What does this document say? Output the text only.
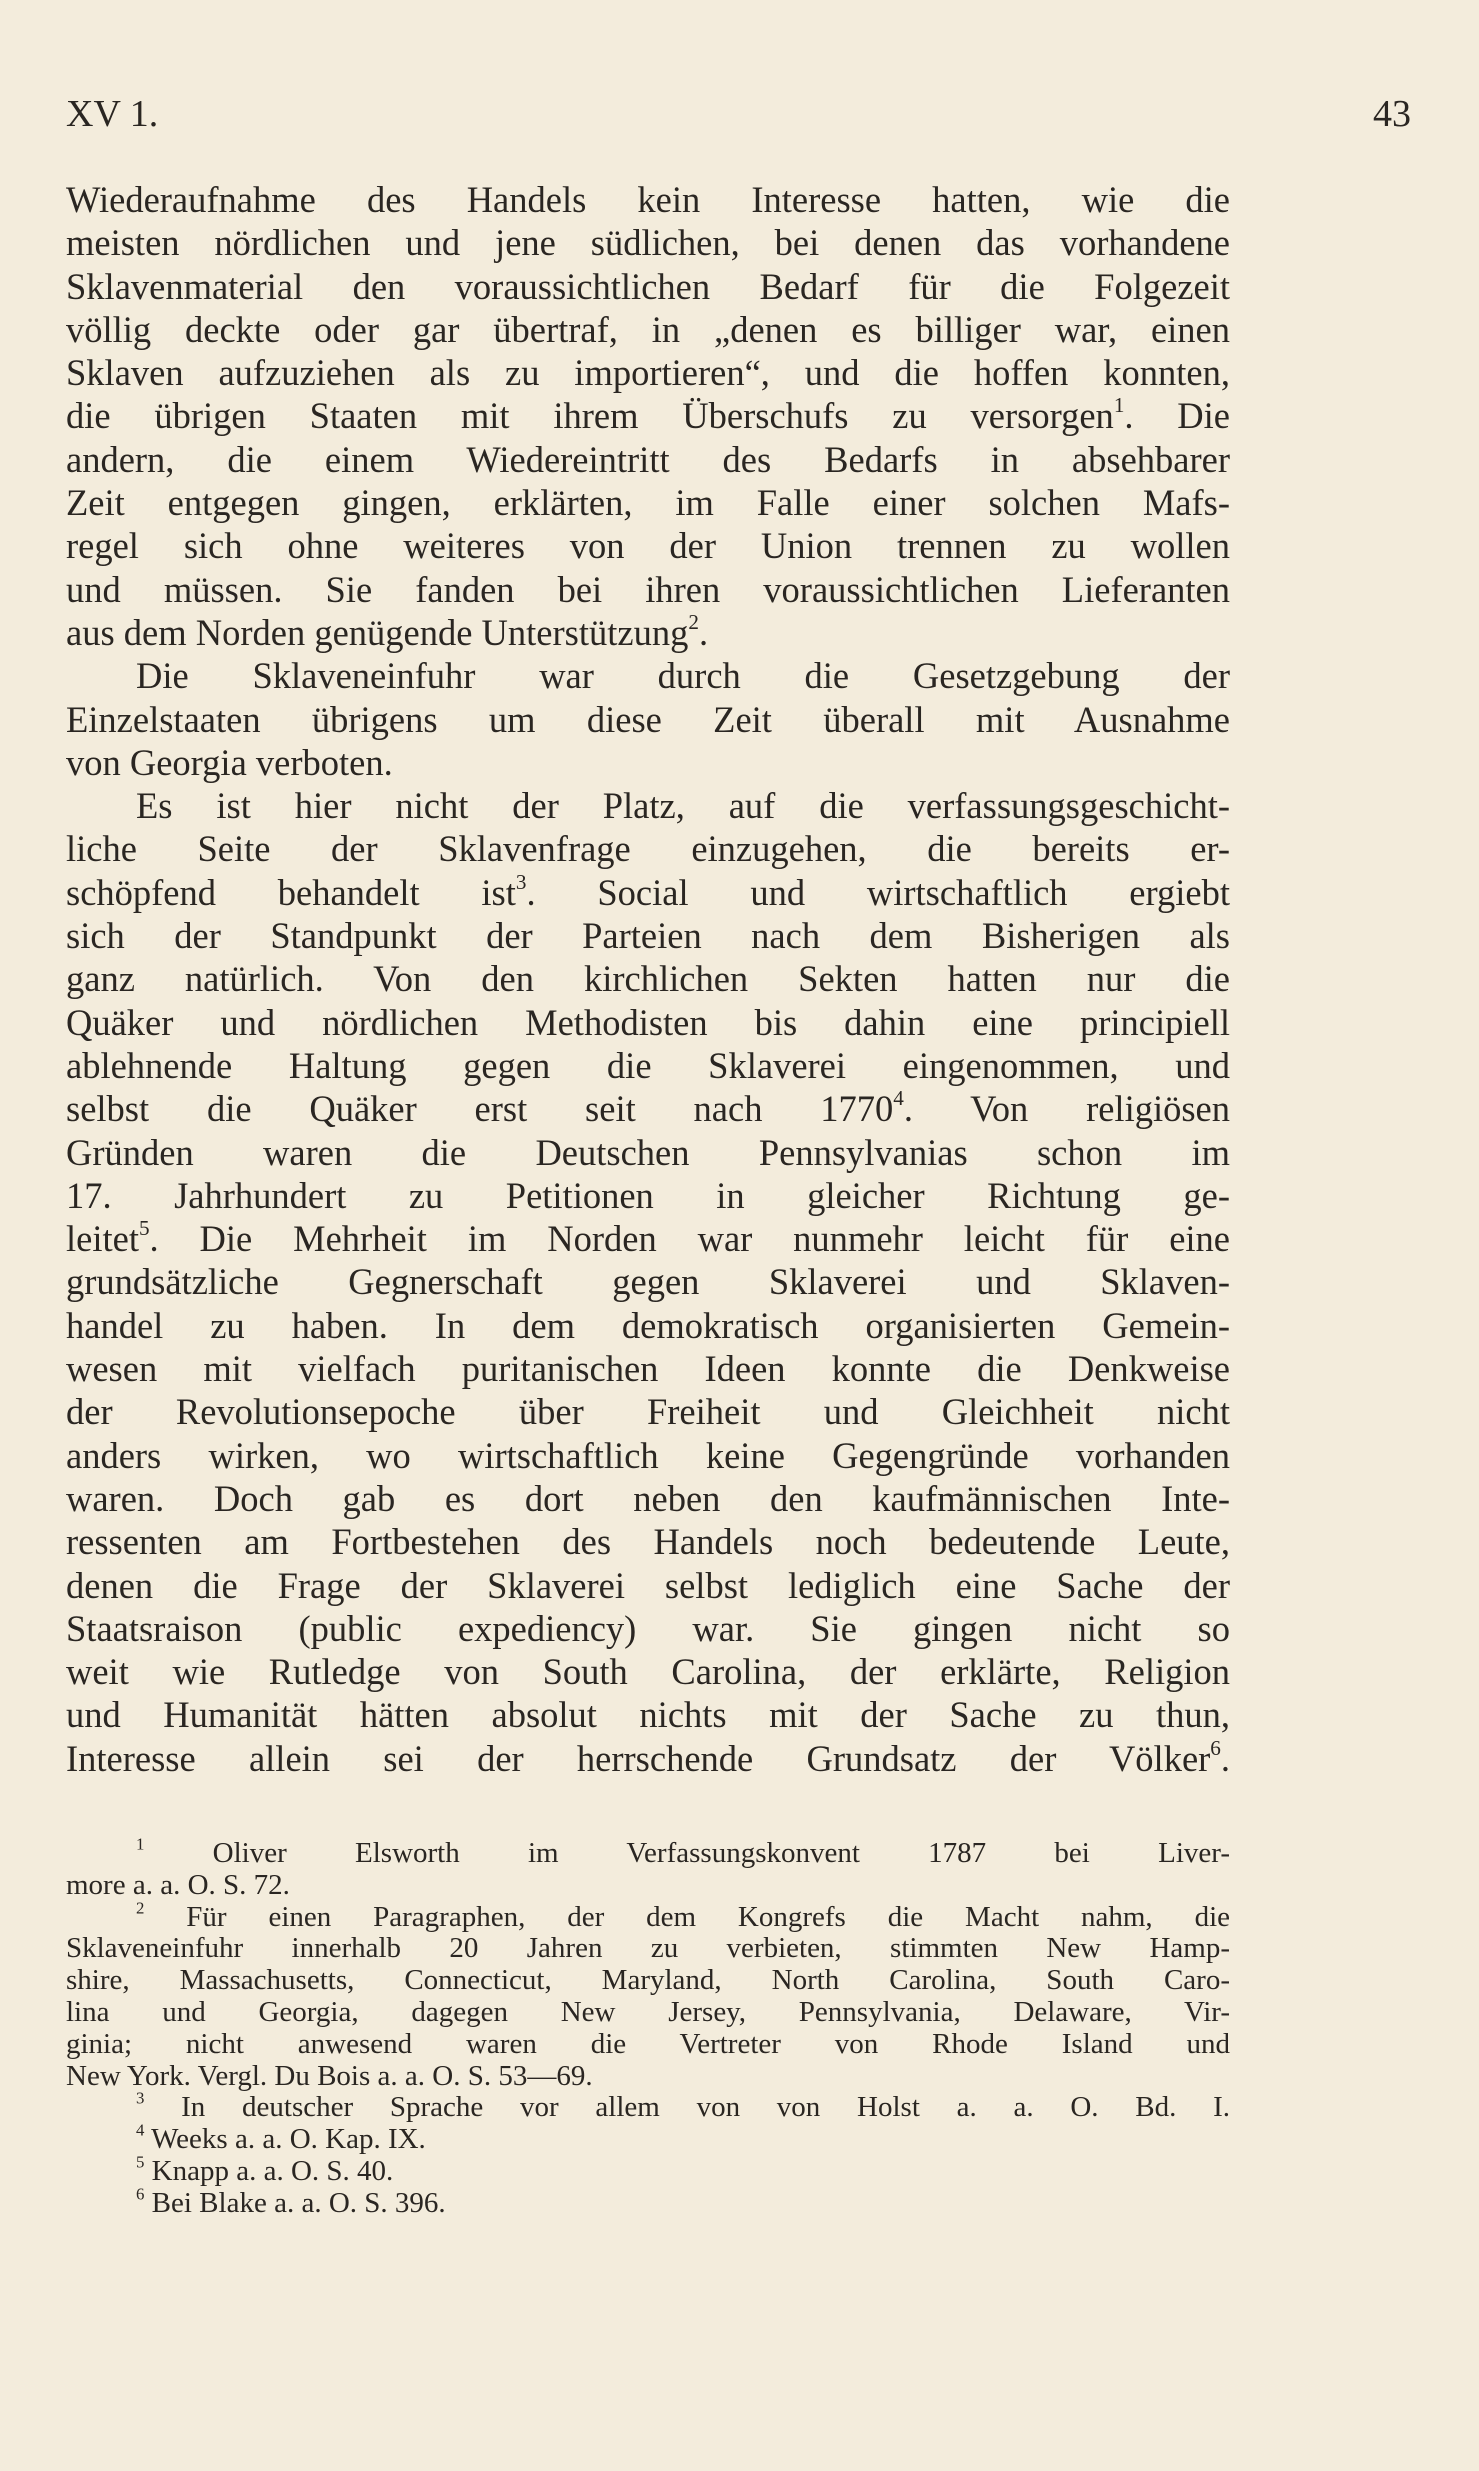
XV 1.	43
Wiederaufnahme des Handels kein Interesse hatten, wie die
meisten nördlichen und jene südlichen, bei denen das vorhandene
Sklavenmaterial den voraussichtlichen Bedarf für die Folgezeit
völlig deckte oder gar übertraf, in „denen es billiger war, einen
Sklaven aufzuziehen als zu importieren“, und die hoffen konnten,
die übrigen Staaten mit ihrem Überschufs zu versorgen$^1$. Die
andern, die einem Wiedereintritt des Bedarfs in absehbarer
Zeit entgegen gingen, erklärten, im Falle einer solchen Mafs-
regel sich ohne weiteres von der Union trennen zu wollen
und müssen. Sie fanden bei ihren voraussichtlichen Lieferanten
aus dem Norden genügende Unterstützung$^2$.
Die Sklaveneinfuhr war durch die Gesetzgebung der
Einzelstaaten übrigens um diese Zeit überall mit Ausnahme
von Georgia verboten.
Es ist hier nicht der Platz, auf die verfassungsgeschicht-
liche Seite der Sklavenfrage einzugehen, die bereits er-
schöpfend behandelt ist$^3$. Social und wirtschaftlich ergiebt
sich der Standpunkt der Parteien nach dem Bisherigen als
ganz natürlich. Von den kirchlichen Sekten hatten nur die
Quäker und nördlichen Methodisten bis dahin eine principiell
ablehnende Haltung gegen die Sklaverei eingenommen, und
selbst die Quäker erst seit nach 1770$^4$. Von religiösen
Gründen waren die Deutschen Pennsylvanias schon im
17. Jahrhundert zu Petitionen in gleicher Richtung ge-
leitet$^5$. Die Mehrheit im Norden war nunmehr leicht für eine
grundsätzliche Gegnerschaft gegen Sklaverei und Sklaven-
handel zu haben. In dem demokratisch organisierten Gemein-
wesen mit vielfach puritanischen Ideen konnte die Denkweise
der Revolutionsepoche über Freiheit und Gleichheit nicht
anders wirken, wo wirtschaftlich keine Gegengründe vorhanden
waren. Doch gab es dort neben den kaufmännischen Inte-
ressenten am Fortbestehen des Handels noch bedeutende Leute,
denen die Frage der Sklaverei selbst lediglich eine Sache der
Staatsraison (public expediency) war. Sie gingen nicht so
weit wie Rutledge von South Carolina, der erklärte, Religion
und Humanität hätten absolut nichts mit der Sache zu thun,
Interesse allein sei der herrschende Grundsatz der Völker$^6$.
$^1$ Oliver Elsworth im Verfassungskonvent 1787 bei Liver-
more a. a. O. S. 72.
$^2$ Für einen Paragraphen, der dem Kongrefs die Macht nahm, die
Sklaveneinfuhr innerhalb 20 Jahren zu verbieten, stimmten New Hamp-
shire, Massachusetts, Connecticut, Maryland, North Carolina, South Caro-
lina und Georgia, dagegen New Jersey, Pennsylvania, Delaware, Vir-
ginia; nicht anwesend waren die Vertreter von Rhode Island und
New York. Vergl. Du Bois a. a. O. S. 53—69.
$^3$ In deutscher Sprache vor allem von von Holst a. a. O. Bd. I.
$^4$ Weeks a. a. O. Kap. IX.
$^5$ Knapp a. a. O. S. 40.
$^6$ Bei Blake a. a. O. S. 396.
